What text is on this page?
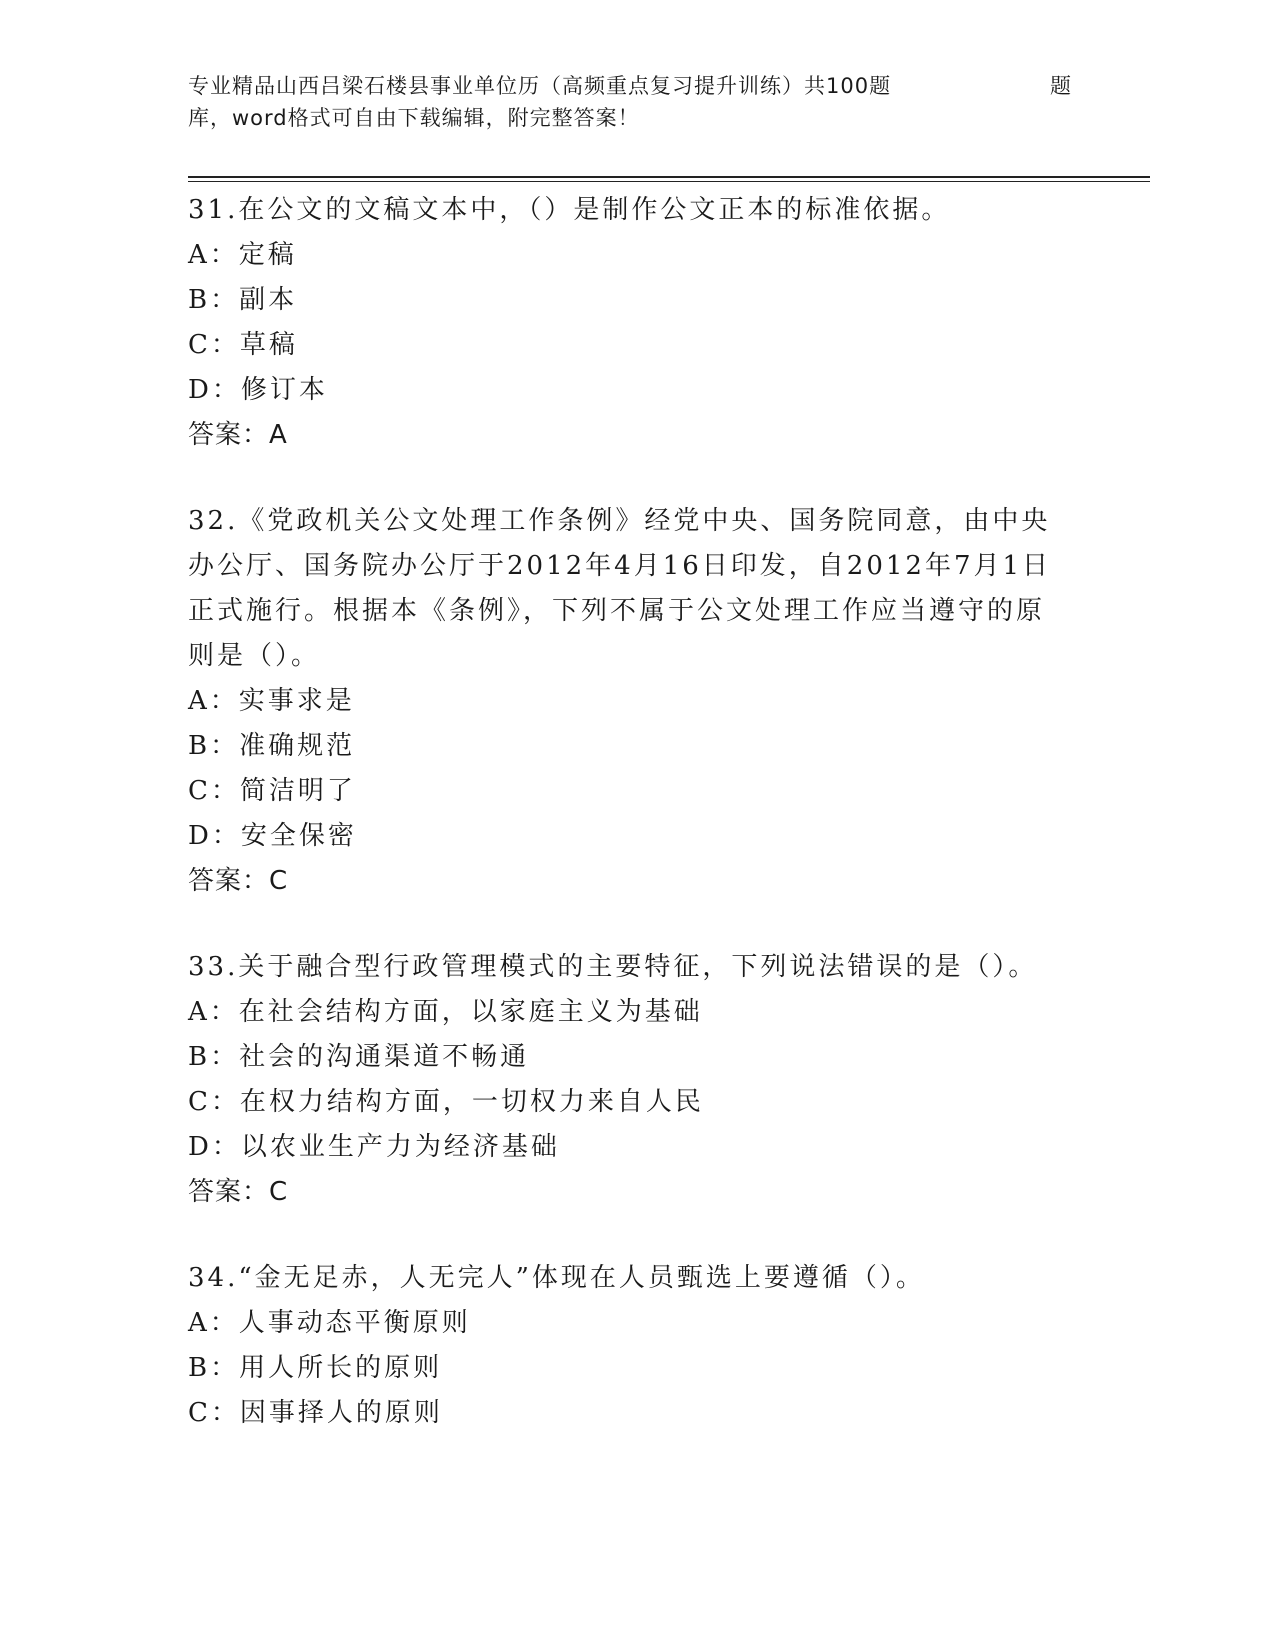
专业精品山西吕梁石楼县事业单位历（高频重点复习提升训练）共100题	题
库，word格式可自由下载编辑，附完整答案！
31.在公文的文稿文本中，（）是制作公文正本的标准依据。
A：定稿
B：副本
C：草稿
D：修订本
答案：A
32.《党政机关公文处理工作条例》经党中央、国务院同意，由中央办公厅、国务院办公厅于2012年4月16日印发，自2012年7月1日正式施行。根据本《条例》，下列不属于公文处理工作应当遵守的原则是（）。
A：实事求是
B：准确规范
C：简洁明了
D：安全保密
答案：C
33.关于融合型行政管理模式的主要特征，下列说法错误的是（）。
A：在社会结构方面，以家庭主义为基础
B：社会的沟通渠道不畅通
C：在权力结构方面，一切权力来自人民
D：以农业生产力为经济基础
答案：C
34.“金无足赤，人无完人”体现在人员甄选上要遵循（）。
A：人事动态平衡原则
B：用人所长的原则
C：因事择人的原则
